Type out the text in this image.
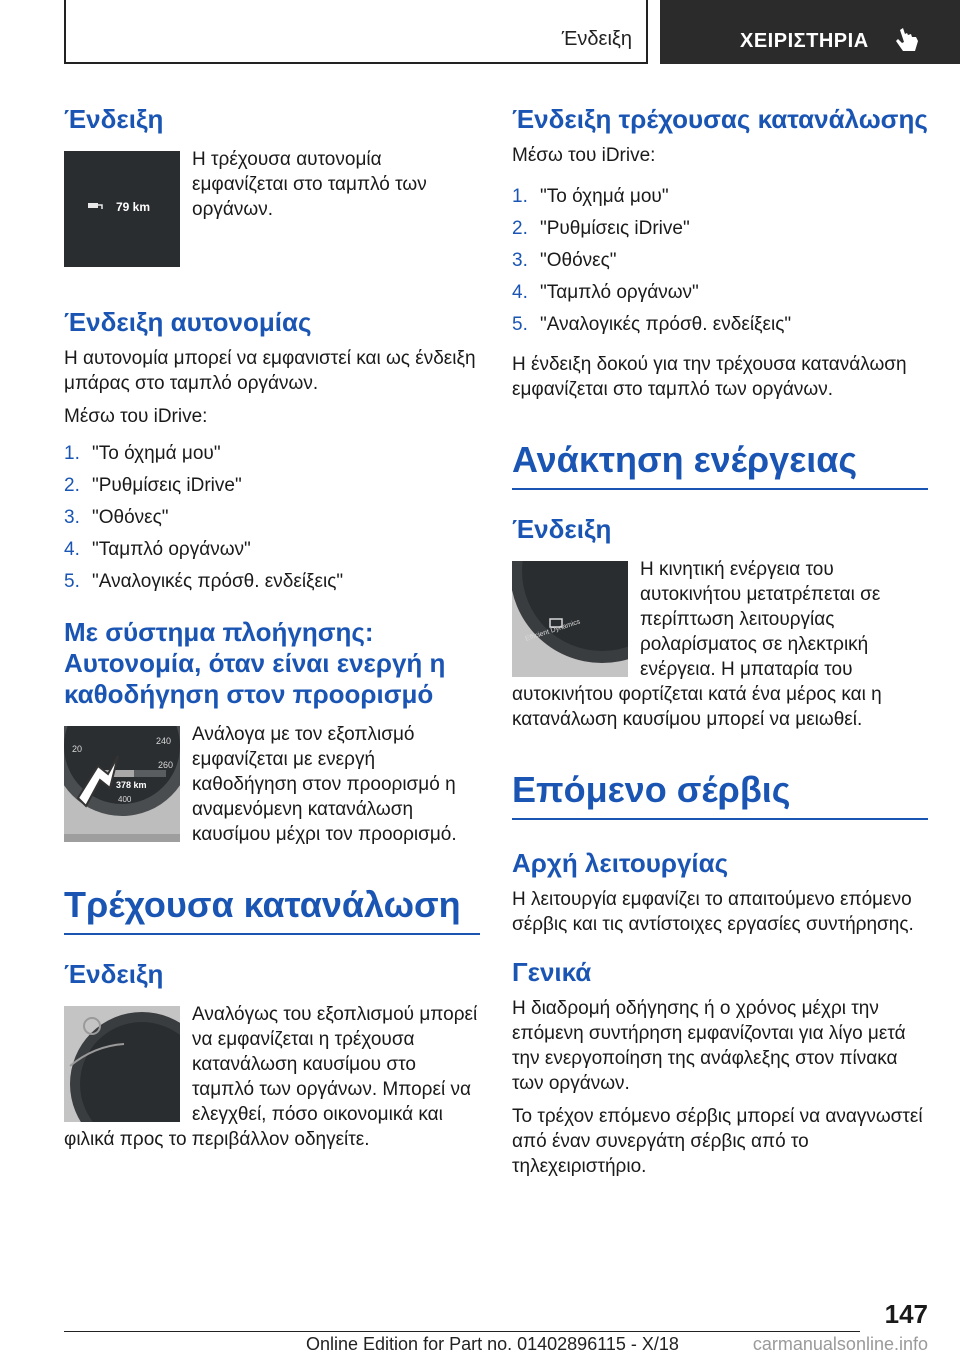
Ένδειξη	ΧΕΙΡΙΣΤΗΡΙΑ
Ένδειξη
79 km

Η τρέχουσα αυτονομία εμφανίζεται στο ταμπλό των οργάνων.

Ένδειξη αυτονομίας

Η αυτονομία μπορεί να εμφανιστεί και ως ένδειξη μπάρας στο ταμπλό οργάνων.

Μέσω του iDrive:

1. "Το όχημά μου"
2. "Ρυθμίσεις iDrive"
3. "Οθόνες"
4. "Ταμπλό οργάνων"
5. "Αναλογικές πρόσθ. ενδείξεις"
Με σύστημα πλοήγησης: Αυτονομία, όταν είναι ενεργή η καθοδήγηση στον προορισμό
20
240
260
378 km
400

Ανάλογα με τον εξοπλισμό εμφανίζεται με ενεργή καθοδήγηση στον προορισμό η αναμενόμενη κατανάλωση καυσίμου μέχρι τον προορισμό.

Τρέχουσα κατανάλωση
Ένδειξη

Αναλόγως του εξοπλισμού μπορεί να εμφανίζεται η τρέχουσα κατανάλωση καυσίμου στο ταμπλό των οργάνων. Μπορεί να ελεγχθεί, πόσο οικονομικά και φιλικά προς το περιβάλλον οδηγείτε.

Ένδειξη τρέχουσας κατανάλωσης

Μέσω του iDrive:

1. "Το όχημά μου"
2. "Ρυθμίσεις iDrive"
3. "Οθόνες"
4. "Ταμπλό οργάνων"
5. "Αναλογικές πρόσθ. ενδείξεις"

Η ένδειξη δοκού για την τρέχουσα κατανάλωση εμφανίζεται στο ταμπλό των οργάνων.

Ανάκτηση ενέργειας
Ένδειξη
Efficient Dynamics

Η κινητική ενέργεια του αυτοκινήτου μετατρέπεται σε περίπτωση λειτουργίας ρολαρίσματος σε ηλεκτρική ενέργεια. Η μπαταρία του αυτοκινήτου φορτίζεται κατά ένα μέρος και η κατανάλωση καυσίμου μπορεί να μειωθεί.

Επόμενο σέρβις
Αρχή λειτουργίας

Η λειτουργία εμφανίζει το απαιτούμενο επόμενο σέρβις και τις αντίστοιχες εργασίες συντήρησης.

Γενικά

Η διαδρομή οδήγησης ή ο χρόνος μέχρι την επόμενη συντήρηση εμφανίζονται για λίγο μετά την ενεργοποίηση της ανάφλεξης στον πίνακα των οργάνων.

Το τρέχον επόμενο σέρβις μπορεί να αναγνωστεί από έναν συνεργάτη σέρβις από το τηλεχειριστήριο.

147
Online Edition for Part no. 01402896115 - X/18	carmanualsonline.info
